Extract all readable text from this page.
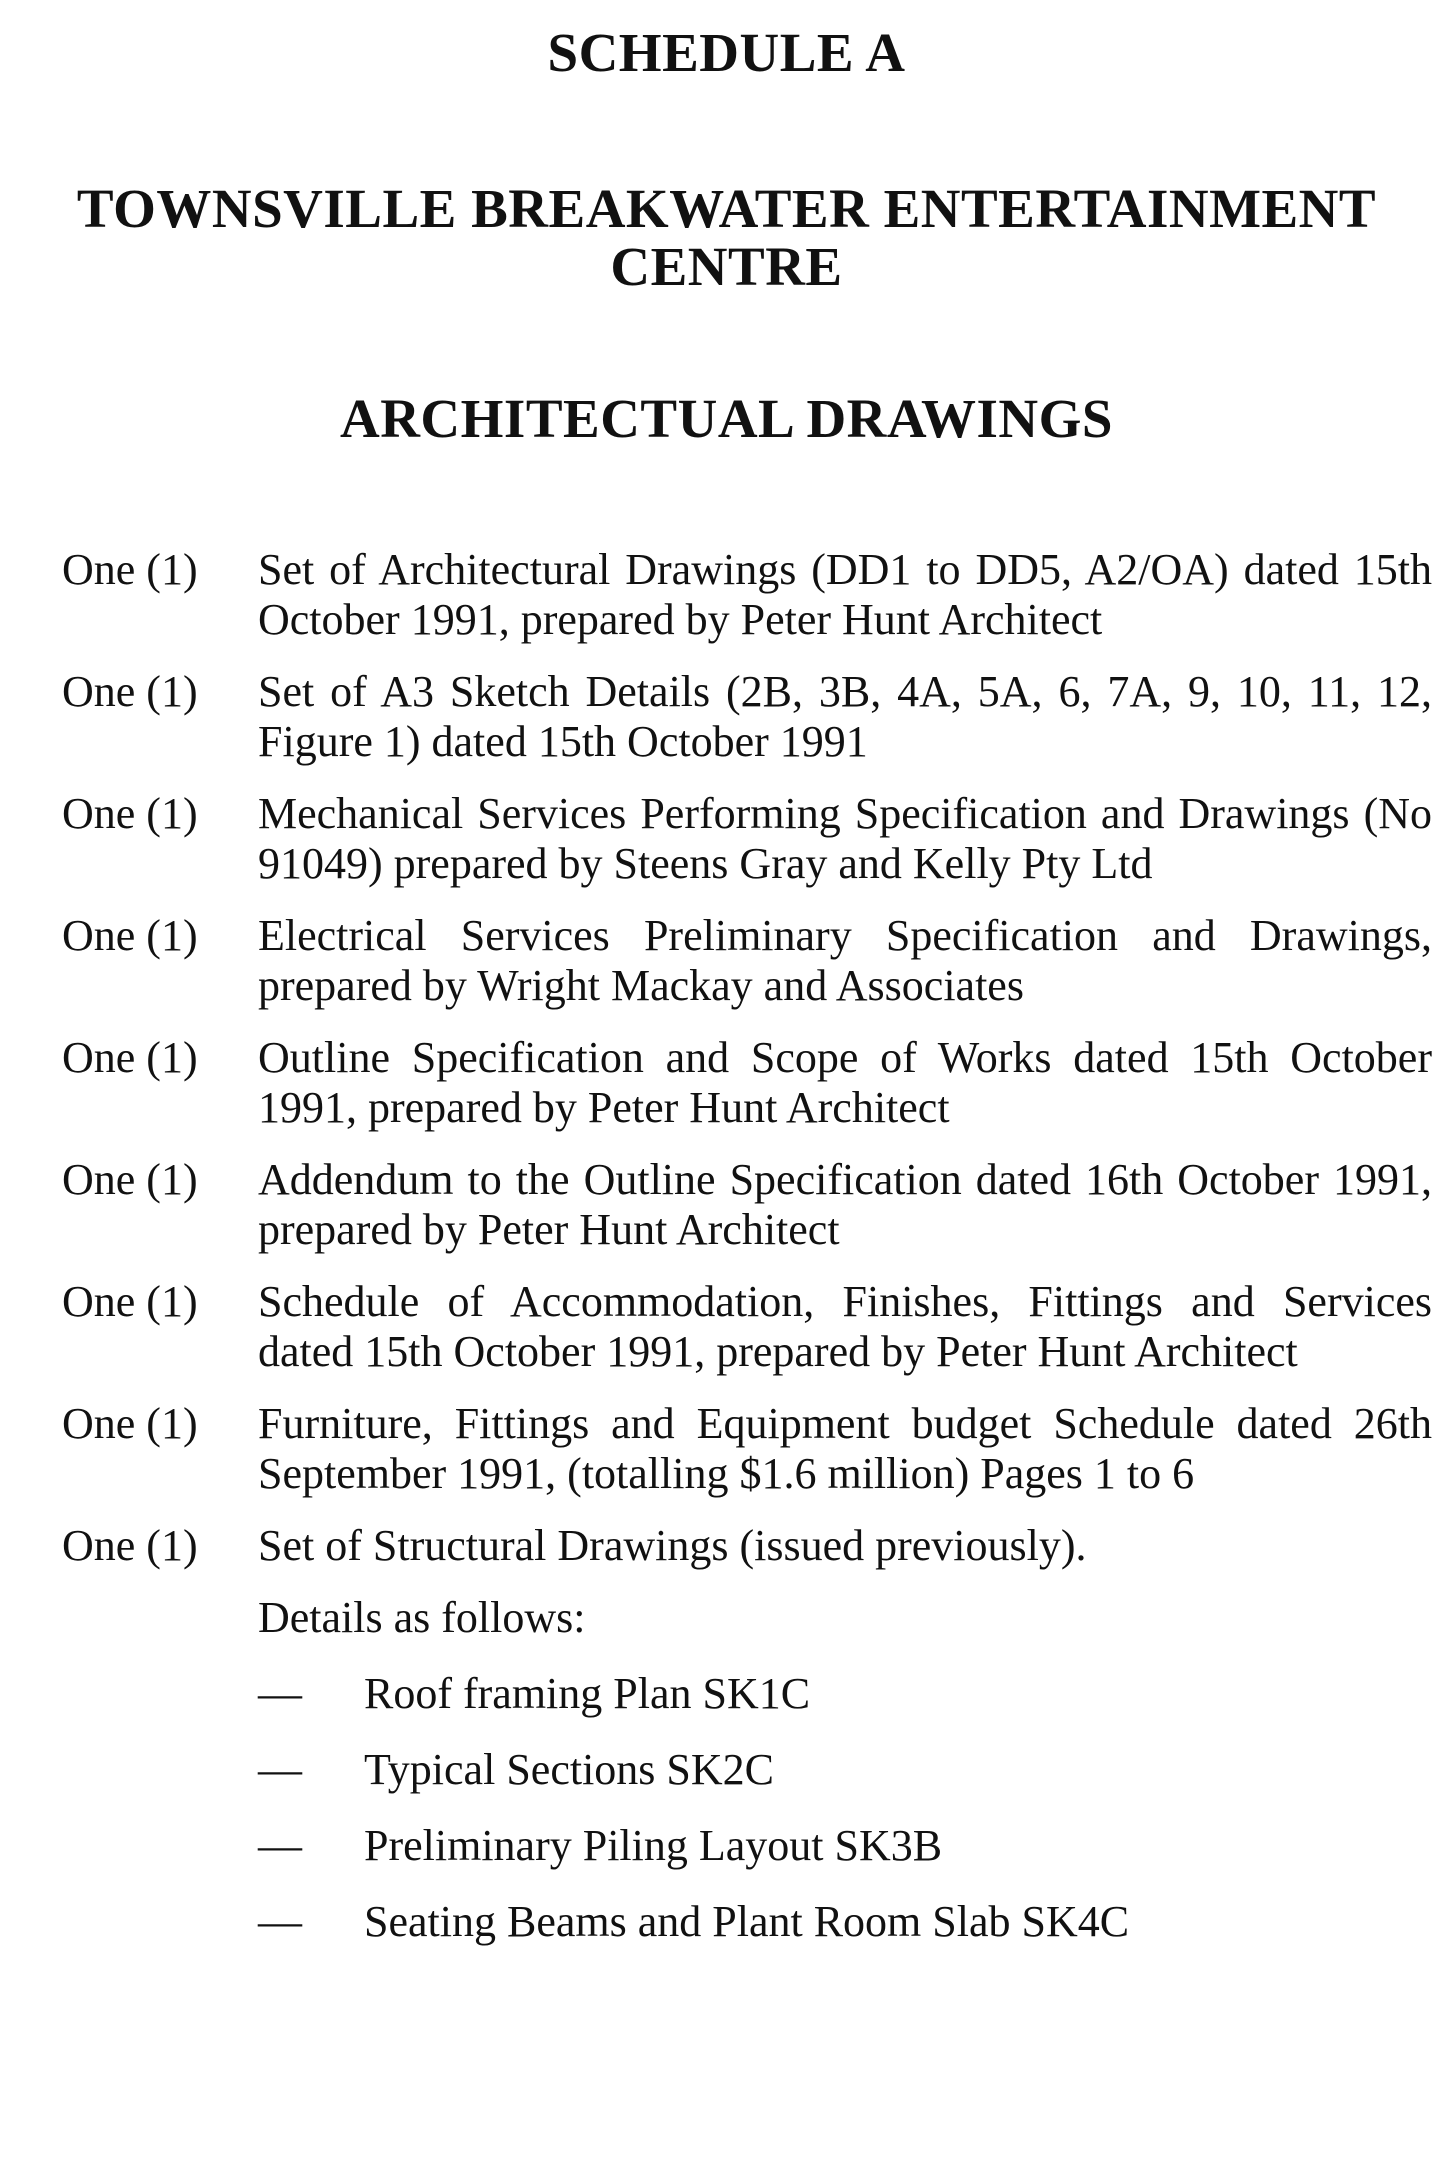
SCHEDULE A
TOWNSVILLE BREAKWATER ENTERTAINMENT
CENTRE
ARCHITECTUAL DRAWINGS
One (1)	Set of Architectural Drawings (DD1 to DD5, A2/OA) dated 15th October 1991, prepared by Peter Hunt Architect
One (1)	Set of A3 Sketch Details (2B, 3B, 4A, 5A, 6, 7A, 9, 10, 11, 12, Figure 1) dated 15th October 1991
One (1)	Mechanical Services Performing Specification and Drawings (No 91049) prepared by Steens Gray and Kelly Pty Ltd
One (1)	Electrical Services Preliminary Specification and Drawings, prepared by Wright Mackay and Associates
One (1)	Outline Specification and Scope of Works dated 15th October 1991, prepared by Peter Hunt Architect
One (1)	Addendum to the Outline Specification dated 16th October 1991, prepared by Peter Hunt Architect
One (1)	Schedule of Accommodation, Finishes, Fittings and Services dated 15th October 1991, prepared by Peter Hunt Architect
One (1)	Furniture, Fittings and Equipment budget Schedule dated 26th September 1991, (totalling $1.6 million) Pages 1 to 6
One (1)	Set of Structural Drawings (issued previously).
Details as follows:
—	Roof framing Plan SK1C
—	Typical Sections SK2C
—	Preliminary Piling Layout SK3B
—	Seating Beams and Plant Room Slab SK4C
